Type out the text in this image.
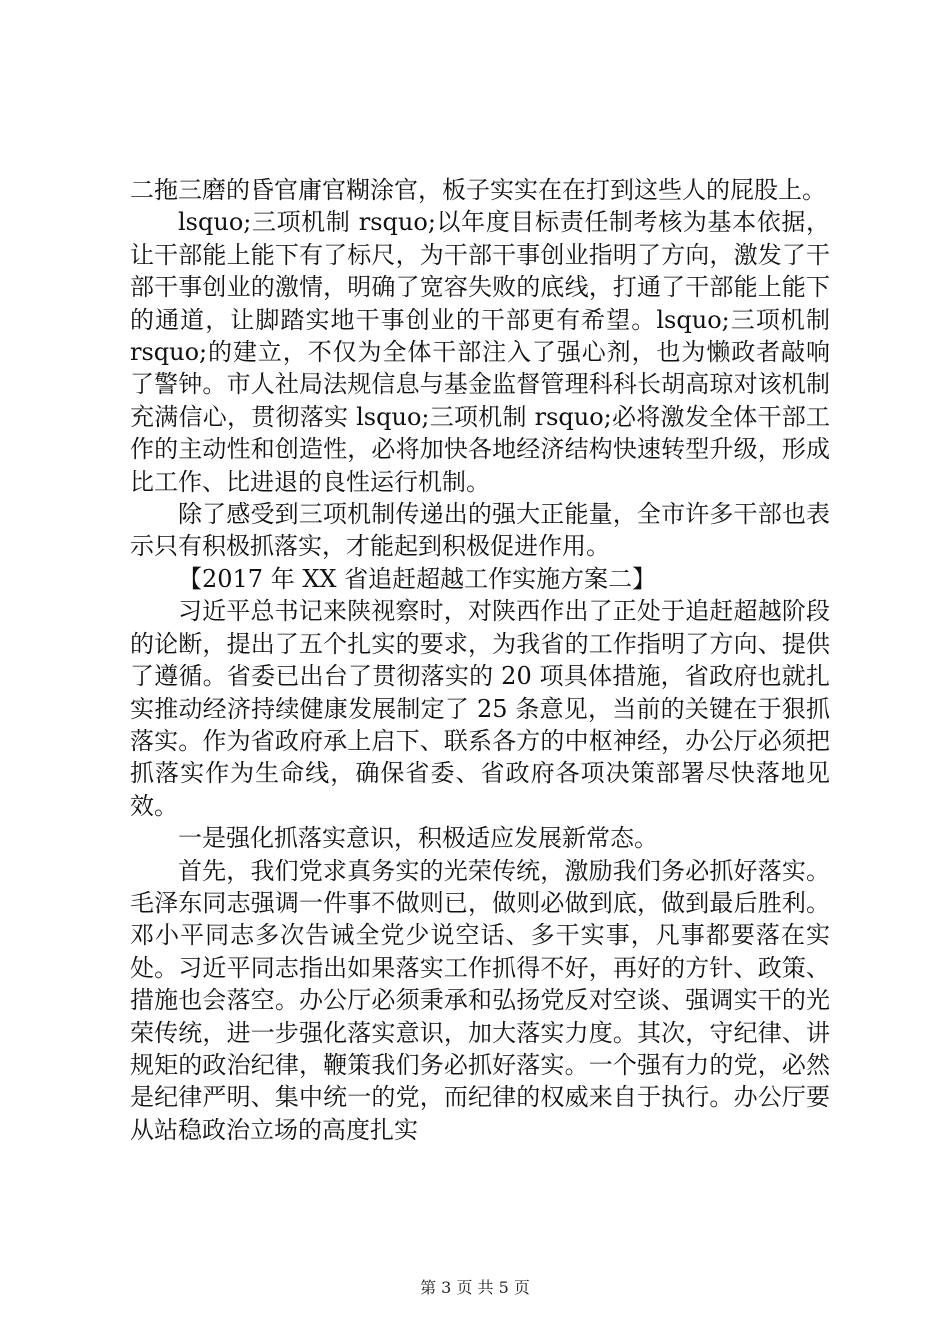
二拖三磨的昏官庸官糊涂官，板子实实在在打到这些人的屁股上。

lsquo;三项机制 rsquo;以年度目标责任制考核为基本依据，让干部能上能下有了标尺，为干部干事创业指明了方向，激发了干部干事创业的激情，明确了宽容失败的底线，打通了干部能上能下的通道，让脚踏实地干事创业的干部更有希望。lsquo;三项机制 rsquo;的建立，不仅为全体干部注入了强心剂，也为懒政者敲响了警钟。市人社局法规信息与基金监督管理科科长胡高琼对该机制充满信心，贯彻落实 lsquo;三项机制 rsquo;必将激发全体干部工作的主动性和创造性，必将加快各地经济结构快速转型升级，形成比工作、比进退的良性运行机制。

除了感受到三项机制传递出的强大正能量，全市许多干部也表示只有积极抓落实，才能起到积极促进作用。

【2017 年 XX 省追赶超越工作实施方案二】

习近平总书记来陕视察时，对陕西作出了正处于追赶超越阶段的论断，提出了五个扎实的要求，为我省的工作指明了方向、提供了遵循。省委已出台了贯彻落实的 20 项具体措施，省政府也就扎实推动经济持续健康发展制定了 25 条意见，当前的关键在于狠抓落实。作为省政府承上启下、联系各方的中枢神经，办公厅必须把抓落实作为生命线，确保省委、省政府各项决策部署尽快落地见效。

一是强化抓落实意识，积极适应发展新常态。

首先，我们党求真务实的光荣传统，激励我们务必抓好落实。毛泽东同志强调一件事不做则已，做则必做到底，做到最后胜利。邓小平同志多次告诫全党少说空话、多干实事，凡事都要落在实处。习近平同志指出如果落实工作抓得不好，再好的方针、政策、措施也会落空。办公厅必须秉承和弘扬党反对空谈、强调实干的光荣传统，进一步强化落实意识，加大落实力度。其次，守纪律、讲规矩的政治纪律，鞭策我们务必抓好落实。一个强有力的党，必然是纪律严明、集中统一的党，而纪律的权威来自于执行。办公厅要从站稳政治立场的高度扎实

第 3 页 共 5 页
